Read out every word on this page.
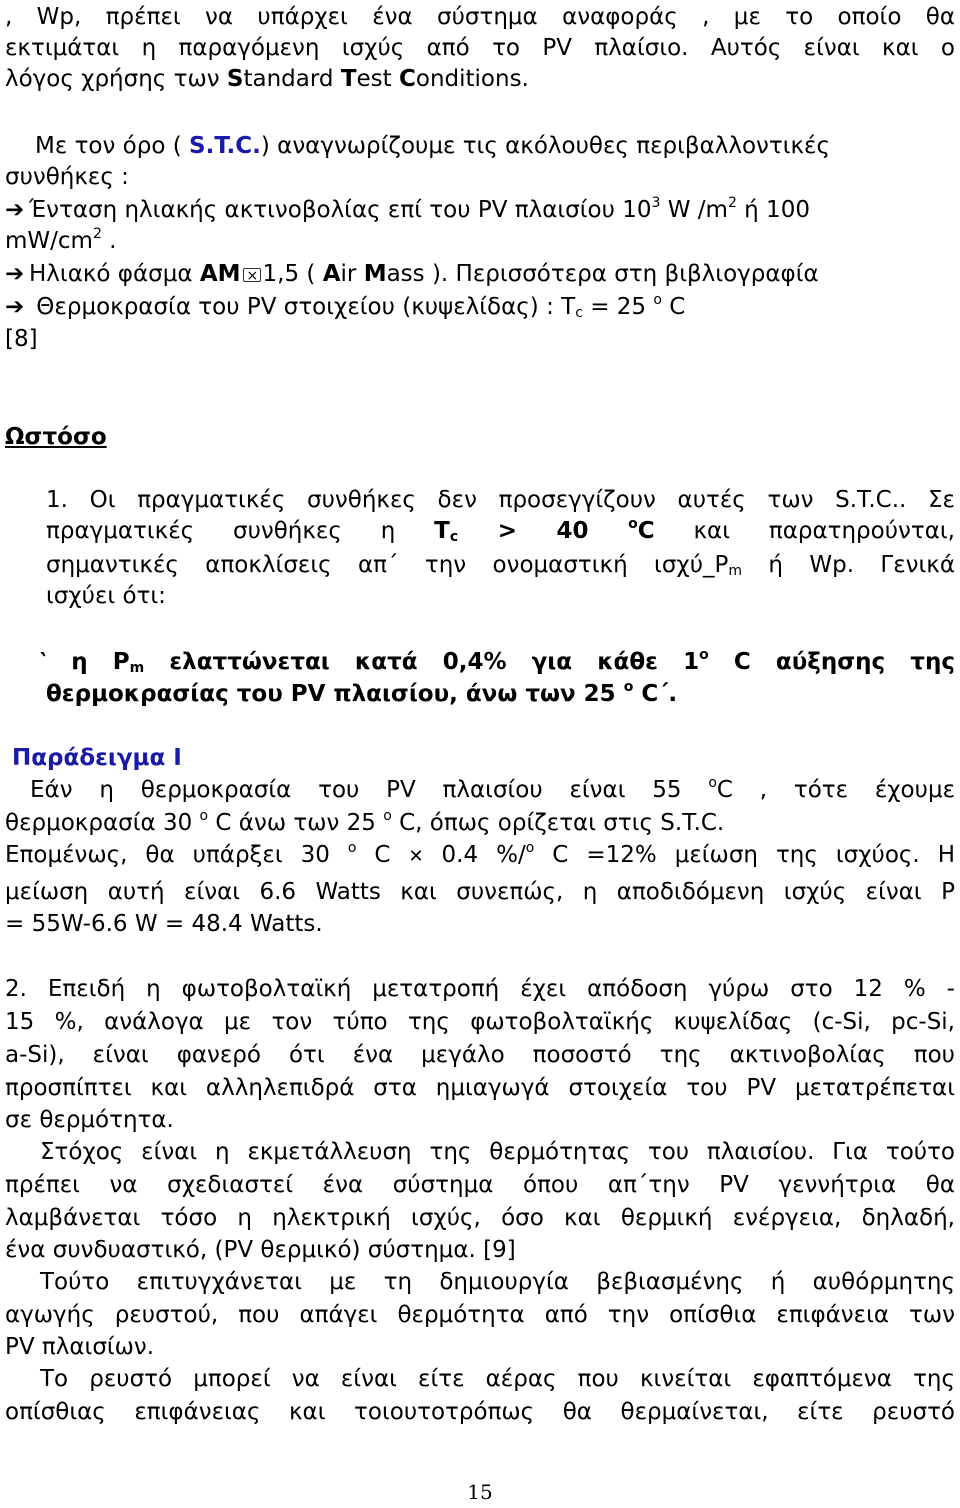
, Wp, πρέπει να υπάρχει ένα σύστημα αναφοράς , με το οποίο θα
εκτιμάται η παραγόμενη ισχύς από το PV πλαίσιο. Αυτός είναι και ο
λόγος χρήσης των Standard Test Conditions.
Με τον όρο ( S.T.C.) αναγνωρίζουμε τις ακόλουθες περιβαλλοντικές
συνθήκες :
➔ Ένταση ηλιακής ακτινοβολίας επί του PV πλαισίου $10^3$ W $/m^2$ ή 100
$mW/cm^2$ .
➔ Ηλιακό φάσμα AM× 1,5 ( Air Mass ). Περισσότερα στη βιβλιογραφία
➔ Θερμοκρασία του PV στοιχείου (κυψελίδας) : $T_c = 25$ $^o$ C
[8]
Ωστόσο
1. Οι πραγματικές συνθήκες δεν προσεγγίζουν αυτές των S.T.C.. Σε
πραγματικές συνθήκες η $T_c > 40$ $^o$C και παρατηρούνται,
σημαντικές αποκλίσεις απ΄ την ονομαστική $\iota\sigma\chi ύ\_P_m$ ή Wp. Γενικά
ισχύει ότι:
‵ η $P_m$ ελαττώνεται κατά 0,4% για κάθε 1$^o$ C αύξησης της
θερμοκρασίας του PV πλαισίου, άνω των 25 $^o$ C΄.
Παράδειγμα Ι
Εάν η θερμοκρασία του PV πλαισίου είναι 55 $^o$C , τότε έχουμε
θερμοκρασία 30 $^o$ C άνω των 25 $^o$ C, όπως ορίζεται στις S.T.C.
Επομένως, θα υπάρξει 30 $^o$ C ✕ 0.4 %/$^o$ C =12% μείωση της ισχύος. Η
μείωση αυτή είναι 6.6 Watts και συνεπώς, η αποδιδόμενη ισχύς είναι P
= 55W-6.6 W = 48.4 Watts.
2. Επειδή η φωτοβολταϊκή μετατροπή έχει απόδοση γύρω στο 12 % -
15 %, ανάλογα με τον τύπο της φωτοβολταϊκής κυψελίδας (c-Si, pc-Si,
a-Si), είναι φανερό ότι ένα μεγάλο ποσοστό της ακτινοβολίας που
προσπίπτει και αλληλεπιδρά στα ημιαγωγά στοιχεία του PV μετατρέπεται
σε θερμότητα.
Στόχος είναι η εκμετάλλευση της θερμότητας του πλαισίου. Για τούτο
πρέπει να σχεδιαστεί ένα σύστημα όπου απ΄την PV γεννήτρια θα
λαμβάνεται τόσο η ηλεκτρική ισχύς, όσο και θερμική ενέργεια, δηλαδή,
ένα συνδυαστικό, (PV θερμικό) σύστημα. [9]
Τούτο επιτυγχάνεται με τη δημιουργία βεβιασμένης ή αυθόρμητης
αγωγής ρευστού, που απάγει θερμότητα από την οπίσθια επιφάνεια των
PV πλαισίων.
Το ρευστό μπορεί να είναι είτε αέρας που κινείται εφαπτόμενα της
οπίσθιας επιφάνειας και τοιουτοτρόπως θα θερμαίνεται, είτε ρευστό
15
